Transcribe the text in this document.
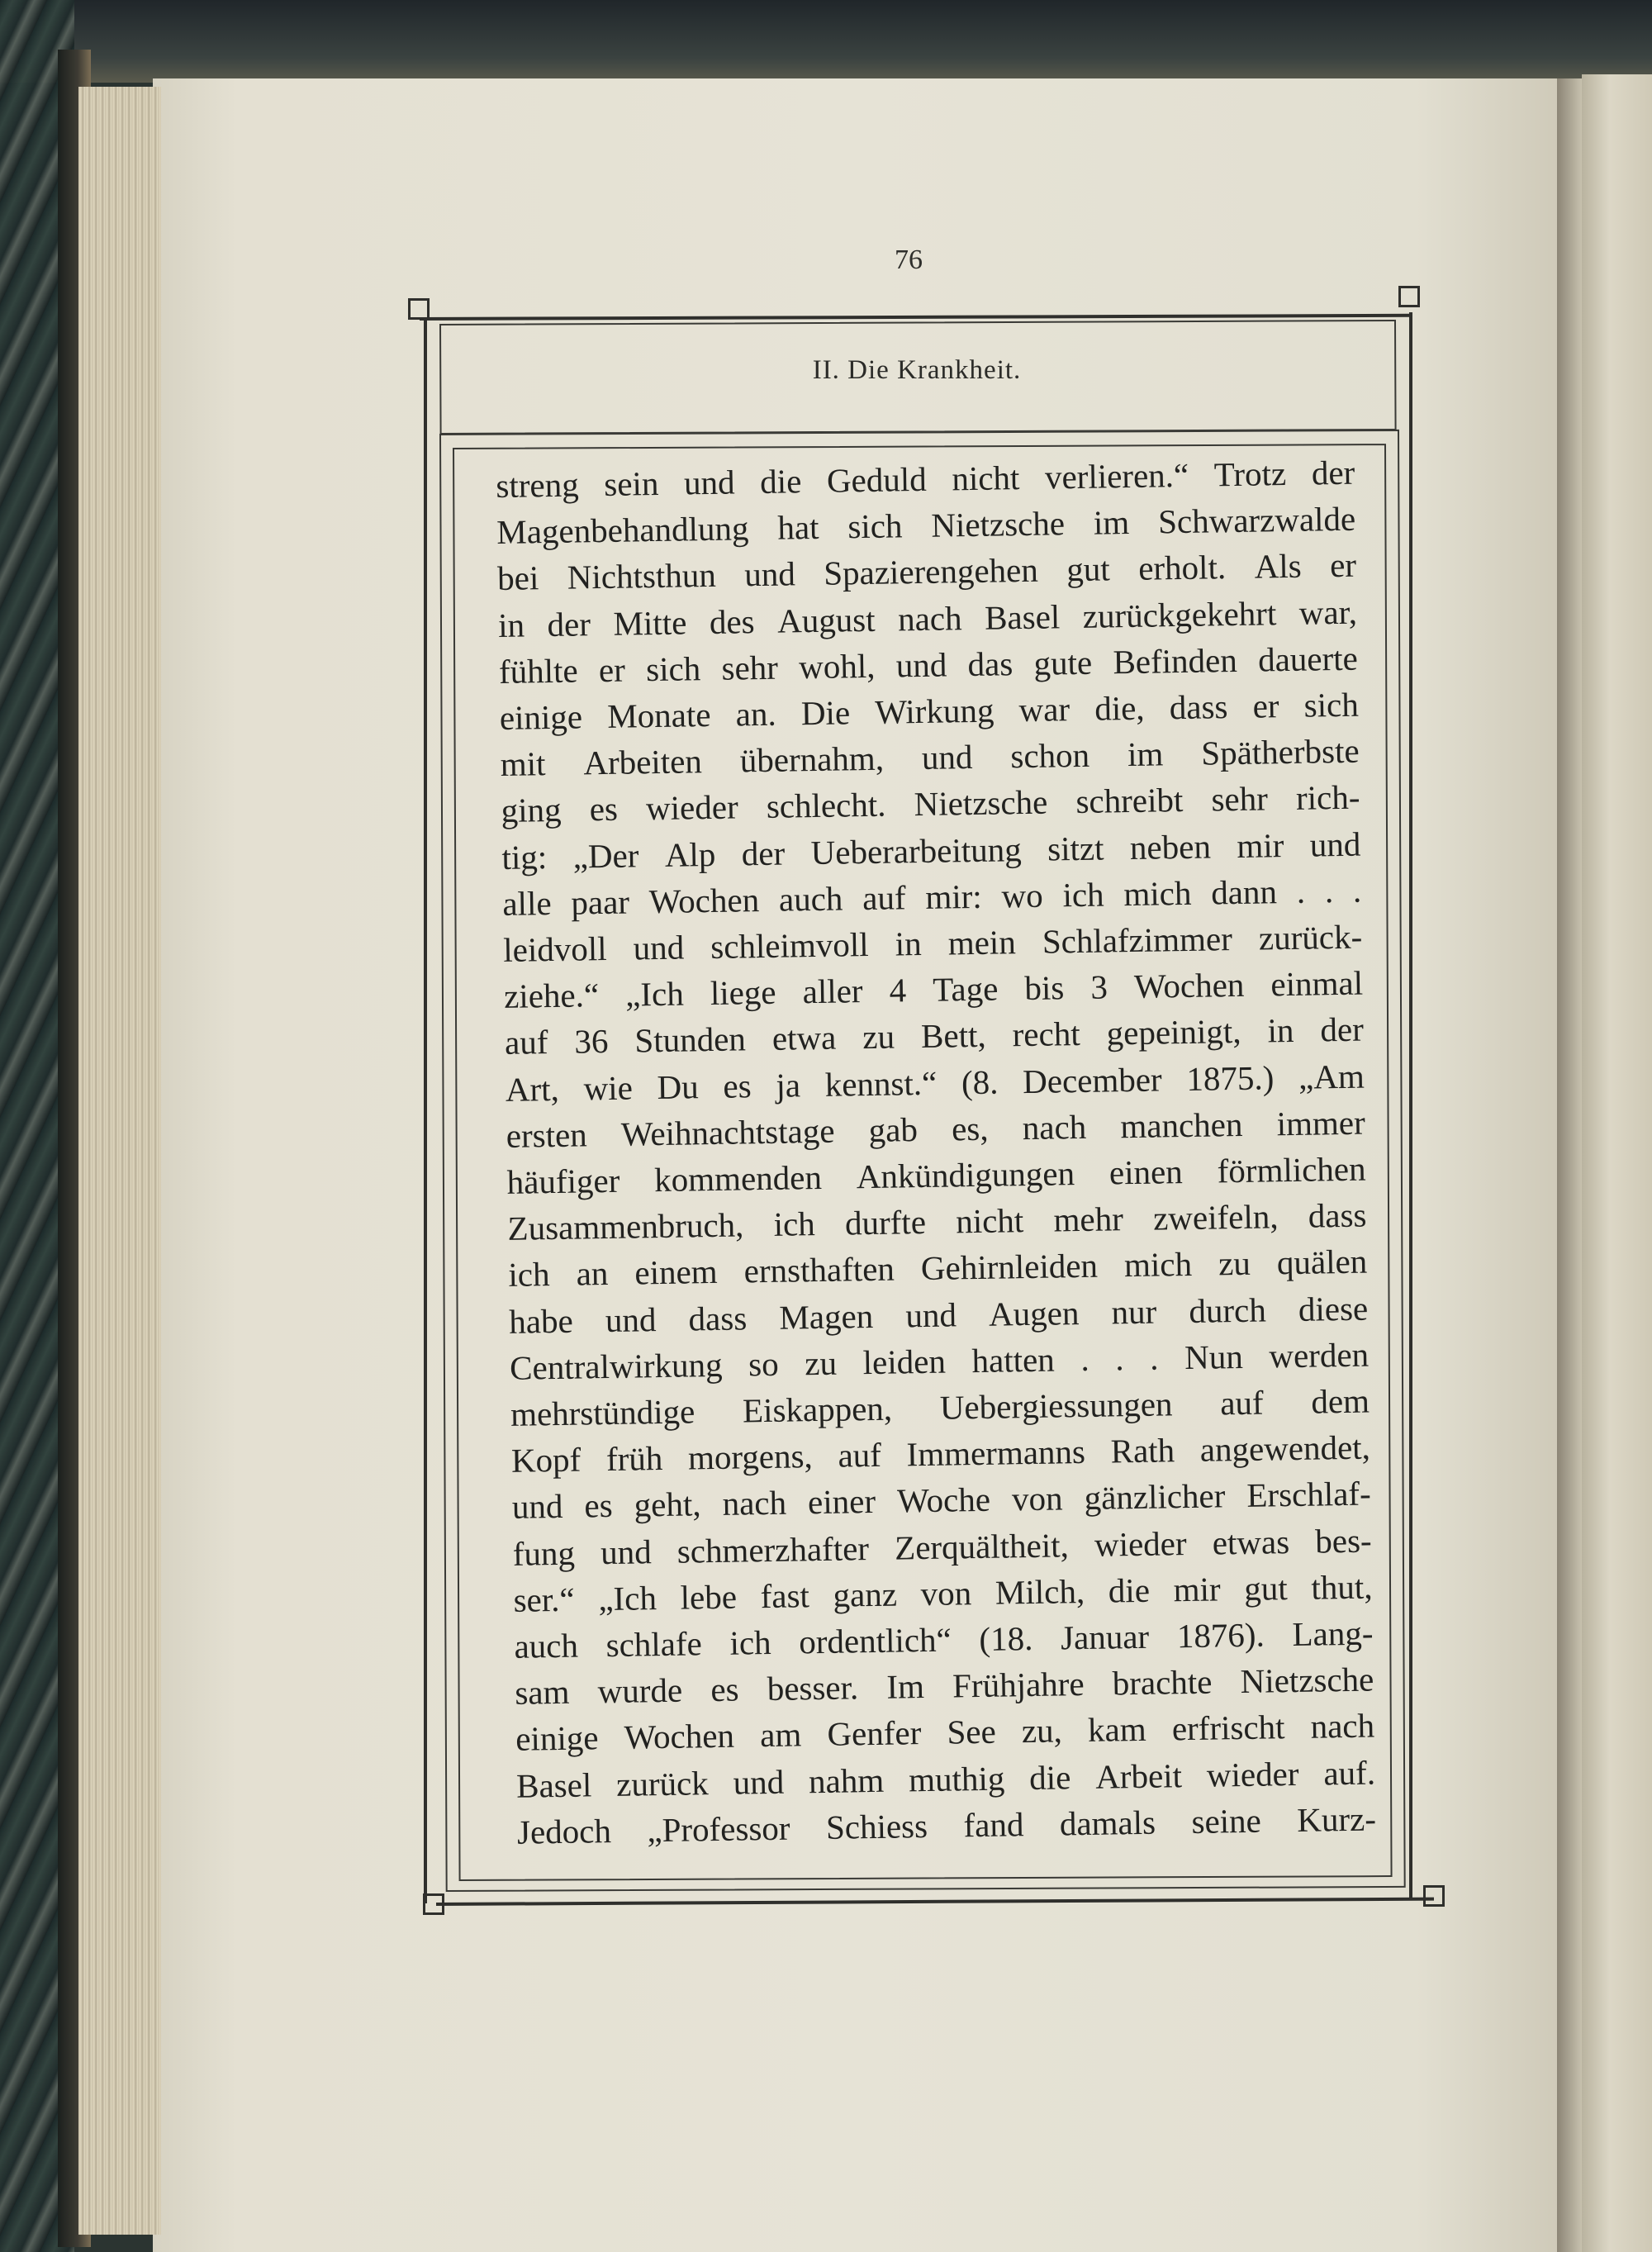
76
II. Die Krankheit.
streng sein und die Geduld nicht verlieren.“ Trotz der
Magenbehandlung hat sich Nietzsche im Schwarzwalde
bei Nichtsthun und Spazierengehen gut erholt. Als er
in der Mitte des August nach Basel zurückgekehrt war,
fühlte er sich sehr wohl, und das gute Befinden dauerte
einige Monate an. Die Wirkung war die, dass er sich
mit Arbeiten übernahm, und schon im Spätherbste
ging es wieder schlecht. Nietzsche schreibt sehr rich-
tig: „Der Alp der Ueberarbeitung sitzt neben mir und
alle paar Wochen auch auf mir: wo ich mich dann . . .
leidvoll und schleimvoll in mein Schlafzimmer zurück-
ziehe.“ „Ich liege aller 4 Tage bis 3 Wochen einmal
auf 36 Stunden etwa zu Bett, recht gepeinigt, in der
Art, wie Du es ja kennst.“ (8. December 1875.) „Am
ersten Weihnachtstage gab es, nach manchen immer
häufiger kommenden Ankündigungen einen förmlichen
Zusammenbruch, ich durfte nicht mehr zweifeln, dass
ich an einem ernsthaften Gehirnleiden mich zu quälen
habe und dass Magen und Augen nur durch diese
Centralwirkung so zu leiden hatten . . . Nun werden
mehrstündige Eiskappen, Uebergiessungen auf dem
Kopf früh morgens, auf Immermanns Rath angewendet,
und es geht, nach einer Woche von gänzlicher Erschlaf-
fung und schmerzhafter Zerquältheit, wieder etwas bes-
ser.“ „Ich lebe fast ganz von Milch, die mir gut thut,
auch schlafe ich ordentlich“ (18. Januar 1876). Lang-
sam wurde es besser. Im Frühjahre brachte Nietzsche
einige Wochen am Genfer See zu, kam erfrischt nach
Basel zurück und nahm muthig die Arbeit wieder auf.
Jedoch „Professor Schiess fand damals seine Kurz-
